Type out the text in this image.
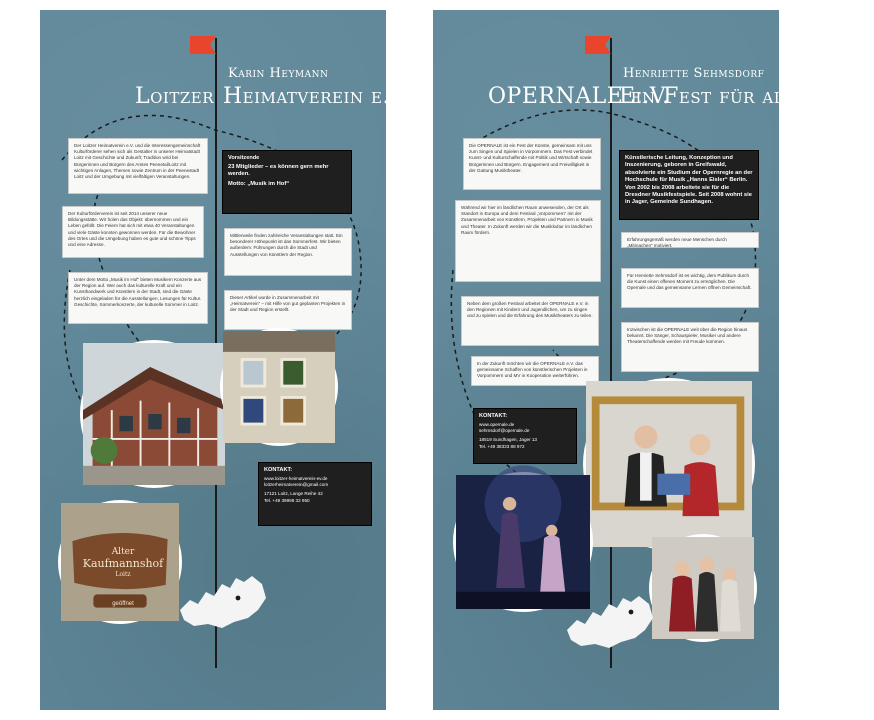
Karin Heymann
Loitzer Heimatverein e.V.
Der Loitzer Heimatverein e.V. und die Interessengemeinschaft Kulturförderer sehen sich als Gestalter in unserer Heimatstadt Loitz mit Geschichte und Zukunft; Tradition wird bei Bürgerinnen und Bürgern des Amtes Peenetal/Loitz mit wichtigen Anlagen, Themen sowie Zentrum in der Peenestadt Loitz und der Umgebung mit vielfältigen Veranstaltungen.
Der Kulturförderverein ist seit 2014 unserer neue Bildungsstätte. Wir holen das Objekt: übernommen und ein Leben gefüllt. Die Feiern hat sich mit etwa 40 Veranstaltungen und viele Gäste konnten gewonnen werden. Für die Bewohner des Ortes und die Umgebung haben es gute und schöne Tipps und eine Adresse.
Unter dem Motto „Musik im Hof“ bieten Musikern Konzerte aus der Region auf. Wer auch das kulturelle Kraft und ein Kunsthandwerk und Künstlern in der Stadt, sind die Gäste herzlich eingeladen für die Ausstellungen, Lesungen für Kultur. Geschichte, Sommerkonzerte, der kulturelle Sommer in Loitz.
Vorsitzende
23 Mitglieder – es können gern mehr werden.
Motto: „Musik im Hof“
Mittlerweile finden zahlreiche Veranstaltungen statt. Ein besonderer Höhepunkt ist das Sommerfest. Wir bieten außerdem: Führungen durch die Stadt und Ausstellungen von Künstlern der Region.
Dieser Artikel wurde in Zusammenarbeit mit „Heimatverein“ – mit Hilfe von gut geplanten Projekten in der Stadt und Region erstellt.
Alter
Kaufmannshof
Loitz
geöffnet
KONTAKT:
www.loitzer-heimatverein-ev.de
loitzerheimatverein@gmail.com
17121 Loitz, Lange Reihe 42
Tel. +49 39998 32 950
Henriette Sehmsdorf
OPERNALE e.V.
Ein Fest für alle Sinne
Die OPERNALE ist ein Fest der Künste, gemeinsam mit uns zum Singen und Spielen in Vorpommern. Das Fest verbindet Kunst- und Kulturschaffende mit Politik und Wirtschaft sowie Bürgerinnen und Bürgern. Engagement und Freiwilligkeit in der Gattung Musiktheater.
Künstlerische Leitung, Konzeption und Inszenierung, geboren in Greifswald, absolvierte ein Studium der Opernregie an der Hochschule für Musik „Hanns Eisler“ Berlin. Von 2002 bis 2008 arbeitete sie für die Dresdner Musikfestspiele. Seit 2008 wohnt sie in Jager, Gemeinde Sundhagen.
Während wir hier im ländlichen Raum anwesenden, der Ort als Standort in Europa und dem Festival „Vorpommern“ mit der Zusammenarbeit von Künstlern, Projekten und Partnern in Musik und Theater. In Zukunft werden wir die Musikkultur im ländlichen Raum fördern.
Erfahrungsgemäß werden neue Menschen durch „Mitmachen“ motiviert.
Für Henriette Sehmsdorf ist es wichtig, dem Publikum durch die Kunst einen offenen Moment zu ermöglichen. Die Opernale und das gemeinsame Lernen öffnen Gemeinschaft.
Neben dem großen Festival arbeitet der OPERNALE e.V. in den Regionen mit Kindern und Jugendlichen, um zu singen und zu spielen und die Erfahrung des Musiktheaters zu teilen.
Inzwischen ist die OPERNALE weit über die Region hinaus bekannt. Die Sänger, Schauspieler, Musiker und andere Theaterschaffende werden mit Freude kommen.
In der Zukunft möchten wir die OPERNALE e.V. das gemeinsame Schaffen von künstlerischen Projekten in Vorpommern und MV in Kooperation weiterführen.
KONTAKT:
www.opernale.de
sehmsdorf@opernale.de
18519 Sundhagen, Jager 13
Tel. +49 38333 88 972
